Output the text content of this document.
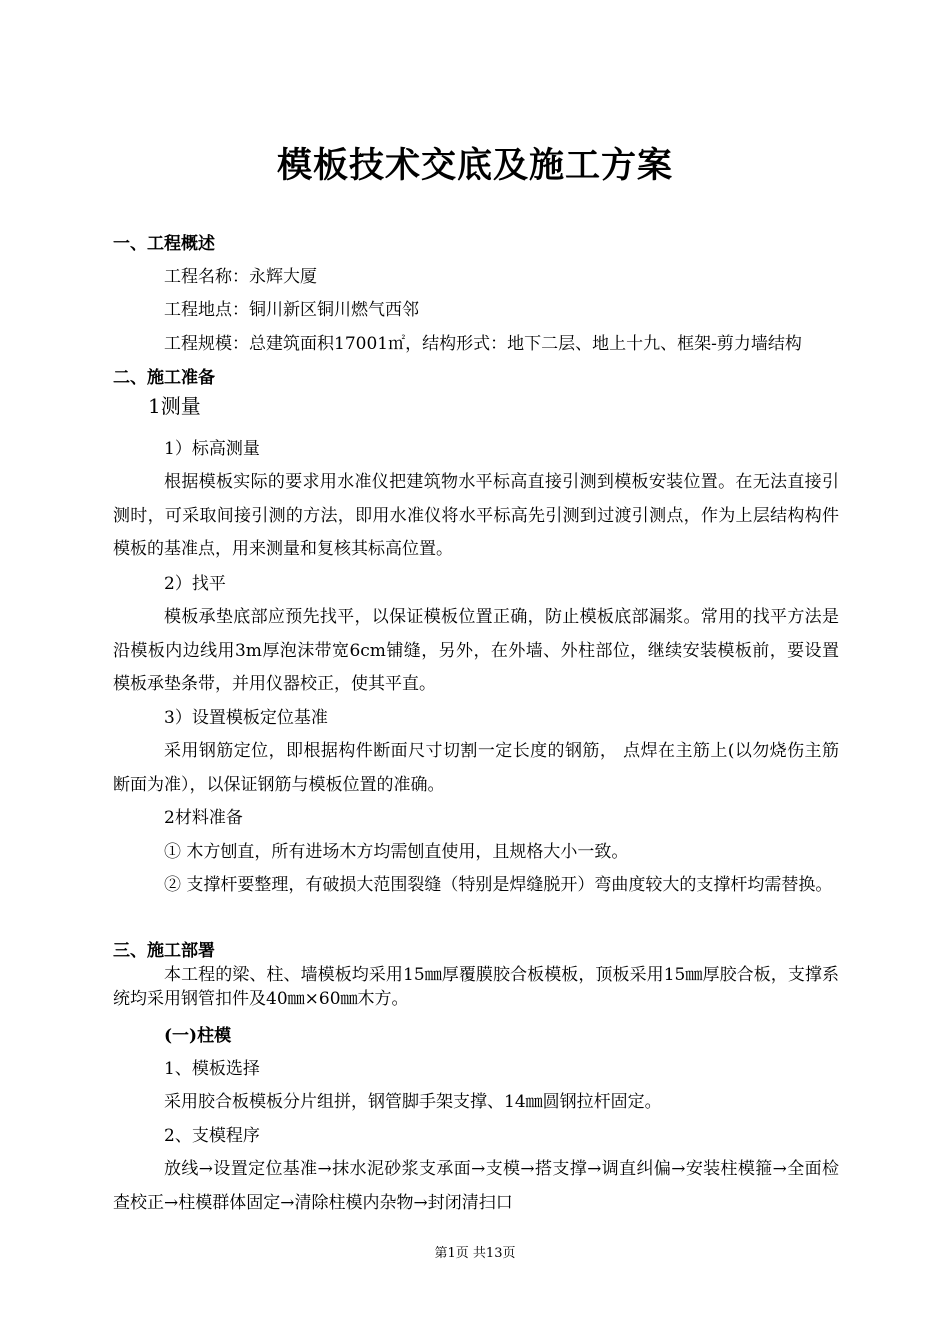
模板技术交底及施工方案
一、工程概述
工程名称：永辉大厦
工程地点：铜川新区铜川燃气西邻
工程规模：总建筑面积17001㎡，结构形式：地下二层、地上十九、框架-剪力墙结构
二、施工准备
1测量
1）标高测量
根据模板实际的要求用水准仪把建筑物水平标高直接引测到模板安装位置。在无法直接引测时，可采取间接引测的方法，即用水准仪将水平标高先引测到过渡引测点，作为上层结构构件模板的基准点，用来测量和复核其标高位置。
2）找平
模板承垫底部应预先找平，以保证模板位置正确，防止模板底部漏浆。常用的找平方法是沿模板内边线用3m厚泡沫带宽6cm铺缝，另外，在外墙、外柱部位，继续安装模板前，要设置模板承垫条带，并用仪器校正，使其平直。
3）设置模板定位基准
采用钢筋定位，即根据构件断面尺寸切割一定长度的钢筋， 点焊在主筋上(以勿烧伤主筋断面为准），以保证钢筋与模板位置的准确。
2材料准备
① 木方刨直，所有进场木方均需刨直使用，且规格大小一致。
② 支撑杆要整理，有破损大范围裂缝（特别是焊缝脱开）弯曲度较大的支撑杆均需替换。
三、施工部署
本工程的梁、柱、墙模板均采用15㎜厚覆膜胶合板模板，顶板采用15㎜厚胶合板，支撑系统均采用钢管扣件及40㎜×60㎜木方。
(一)柱模
1、模板选择
采用胶合板模板分片组拼，钢管脚手架支撑、14㎜圆钢拉杆固定。
2、支模程序
放线→设置定位基准→抹水泥砂浆支承面→支模→搭支撑→调直纠偏→安装柱模箍→全面检查校正→柱模群体固定→清除柱模内杂物→封闭清扫口
第1页 共13页
